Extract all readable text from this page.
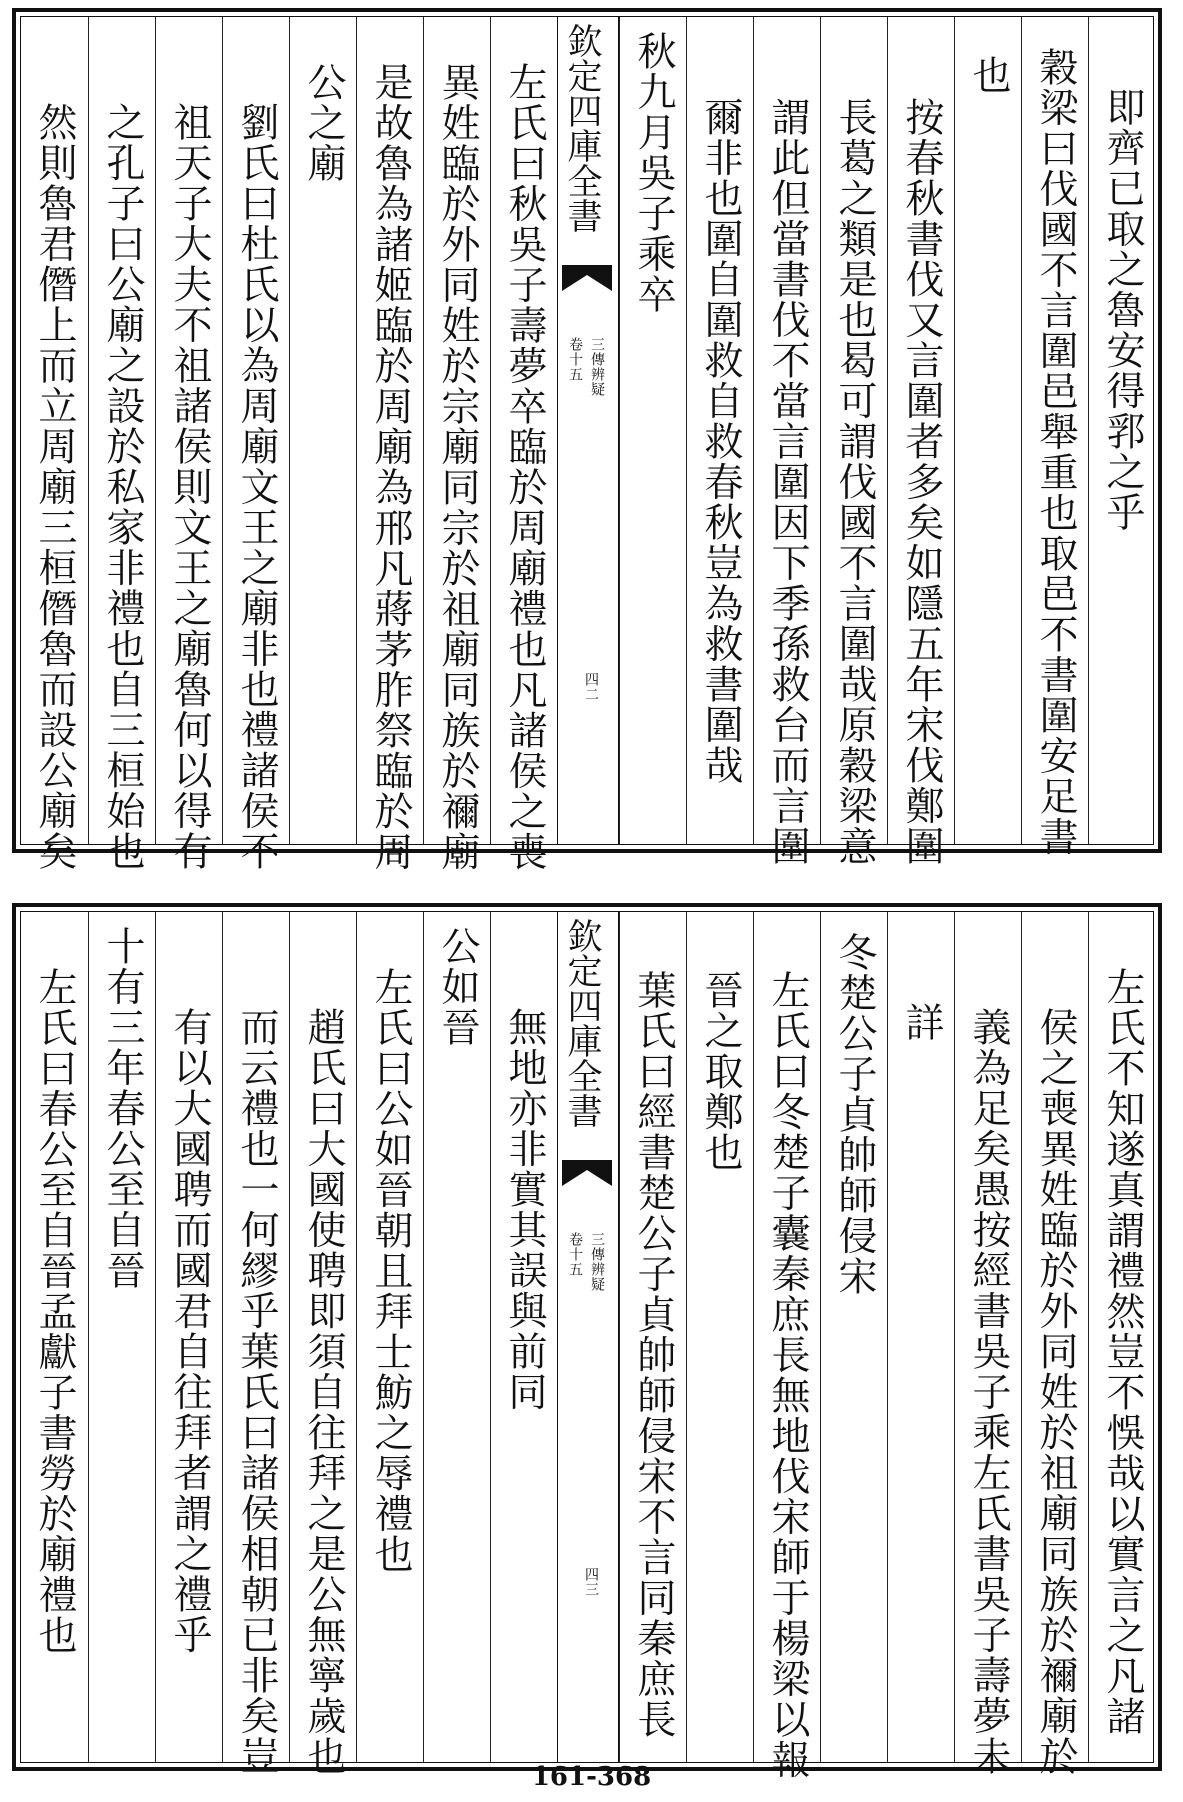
即齊已取之魯安得郛之乎
穀梁曰伐國不言圍邑舉重也取邑不書圍安足書
也
按春秋書伐又言圍者多矣如隱五年宋伐鄭圍
長葛之類是也曷可謂伐國不言圍哉原穀梁意
謂此但當書伐不當言圍因下季孫救台而言圍
爾非也圍自圍救自救春秋豈為救書圍哉
秋九月吳子乘卒
欽定四庫全書
三傳辨疑
卷十五
四二
左氏曰秋吳子壽夢卒臨於周廟禮也凡諸侯之喪
異姓臨於外同姓於宗廟同宗於祖廟同族於禰廟
是故魯為諸姬臨於周廟為邢凡蔣茅胙祭臨於周
公之廟
劉氏曰杜氏以為周廟文王之廟非也禮諸侯不
祖天子大夫不祖諸侯則文王之廟魯何以得有
之孔子曰公廟之設於私家非禮也自三桓始也
然則魯君僭上而立周廟三桓僭魯而設公廟矣
左氏不知遂真謂禮然豈不悞哉以實言之凡諸
侯之喪異姓臨於外同姓於祖廟同族於禰廟於
義為足矣愚按經書吳子乘左氏書吳子壽夢未
詳
冬楚公子貞帥師侵宋
左氏曰冬楚子囊秦庶長無地伐宋師于楊梁以報
晉之取鄭也
葉氏曰經書楚公子貞帥師侵宋不言同秦庶長
欽定四庫全書
三傳辨疑
卷十五
四三
無地亦非實其誤與前同
公如晉
左氏曰公如晉朝且拜士魴之辱禮也
趙氏曰大國使聘即須自往拜之是公無寧歲也
而云禮也一何繆乎葉氏曰諸侯相朝已非矣豈
有以大國聘而國君自往拜者謂之禮乎
十有三年春公至自晉
左氏曰春公至自晉孟獻子書勞於廟禮也
161-368
